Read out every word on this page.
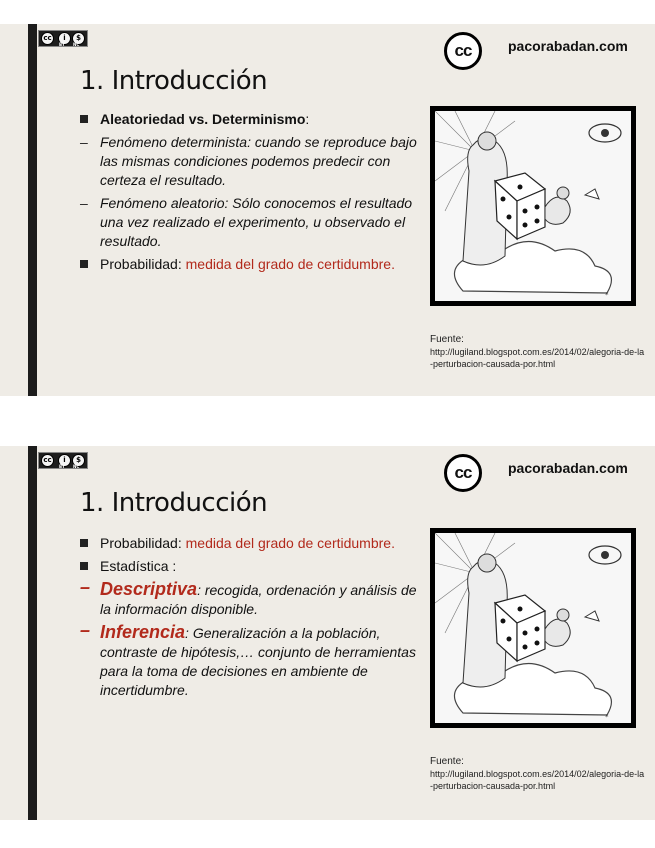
cc	i	$
BY NC	cc	pacorabadan.com
1. Introducción
Aleatoriedad vs. Determinismo:
– Fenómeno determinista: cuando se reproduce bajo las mismas condiciones podemos predecir con certeza el resultado.
– Fenómeno aleatorio: Sólo conocemos el resultado una vez realizado el experimento, u observado el resultado.
Probabilidad: medida del grado de certidumbre.
*
Fuente:
http://lugiland.blogspot.com.es/2014/02/alegoria-de-la-perturbacion-causada-por.html
cc	i	$
BY NC	cc	pacorabadan.com
1. Introducción
Probabilidad: medida del grado de certidumbre.
Estadística :
– Descriptiva: recogida, ordenación y análisis de la información disponible.
– Inferencia: Generalización a la población, contraste de hipótesis,… conjunto de herramientas para la toma de decisiones en ambiente de incertidumbre.
*
Fuente:
http://lugiland.blogspot.com.es/2014/02/alegoria-de-la-perturbacion-causada-por.html
